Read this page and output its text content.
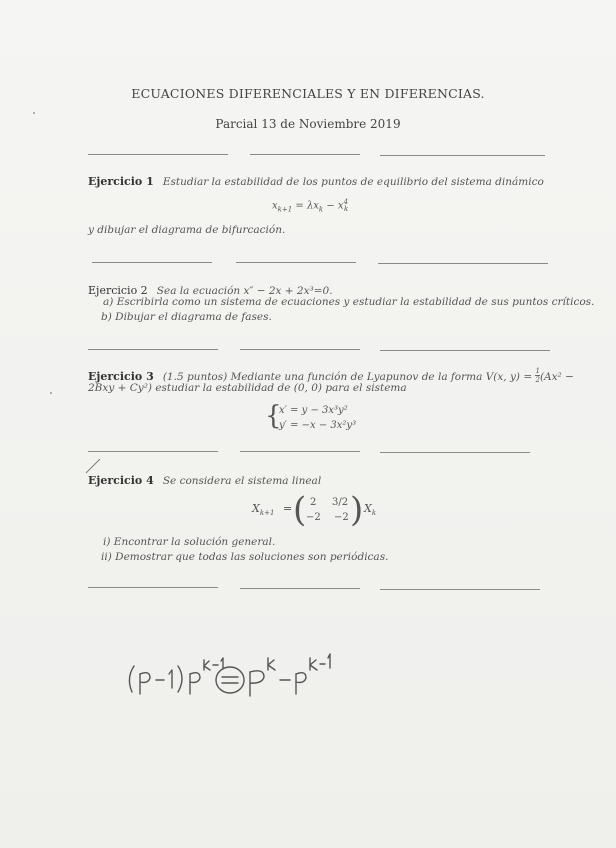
ECUACIONES DIFERENCIALES Y EN DIFERENCIAS.
Parcial 13 de Noviembre 2019
Ejercicio 1 Estudiar la estabilidad de los puntos de equilibrio del sistema dinámico
$x_{k+1} = \lambda x_k - x^4_k$
y dibujar el diagrama de bifurcación.
Ejercicio 2 Sea la ecuación x″ − 2x + 2x³=0.
a) Escribirla como un sistema de ecuaciones y estudiar la estabilidad de sus puntos críticos.
b) Dibujar el diagrama de fases.
Ejercicio 3 (1.5 puntos) Mediante una función de Lyapunov de la forma V(x, $y) = \frac{1}{2}(Ax^2$ −
2Bxy + Cy²) estudiar la estabilidad de (0, 0) para el sistema
{
x′ = y − 3x³y²
y′ = −x − 3x²y³
Ejercicio 4 Se considera el sistema lineal
$X_{k+1}$ = ( 2 3/2
−2 −2 ) $X_k$
i) Encontrar la solución general.
ii) Demostrar que todas las soluciones son periódicas.
